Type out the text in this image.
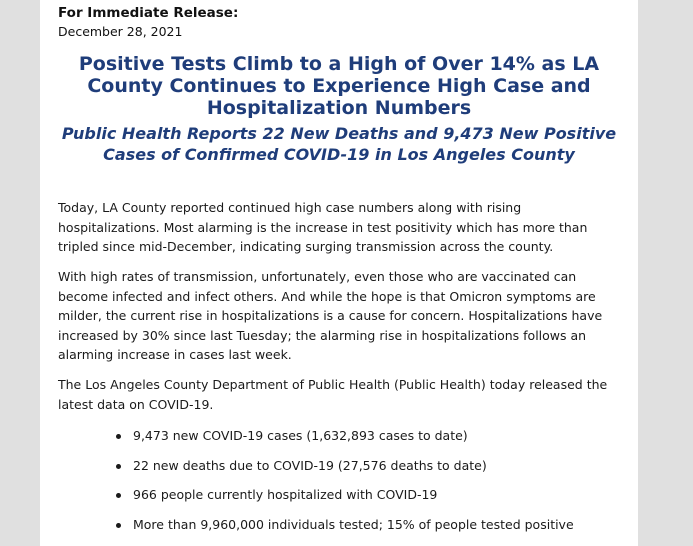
For Immediate Release:
December 28, 2021
Positive Tests Climb to a High of Over 14% as LA County Continues to Experience High Case and Hospitalization Numbers
Public Health Reports 22 New Deaths and 9,473 New Positive Cases of Confirmed COVID-19 in Los Angeles County

Today, LA County reported continued high case numbers along with rising hospitalizations. Most alarming is the increase in test positivity which has more than tripled since mid-December, indicating surging transmission across the county.

With high rates of transmission, unfortunately, even those who are vaccinated can become infected and infect others. And while the hope is that Omicron symptoms are milder, the current rise in hospitalizations is a cause for concern. Hospitalizations have increased by 30% since last Tuesday; the alarming rise in hospitalizations follows an alarming increase in cases last week.

The Los Angeles County Department of Public Health (Public Health) today released the latest data on COVID-19.

9,473 new COVID-19 cases (1,632,893 cases to date)
22 new deaths due to COVID-19 (27,576 deaths to date)
966 people currently hospitalized with COVID-19
More than 9,960,000 individuals tested; 15% of people tested positive
